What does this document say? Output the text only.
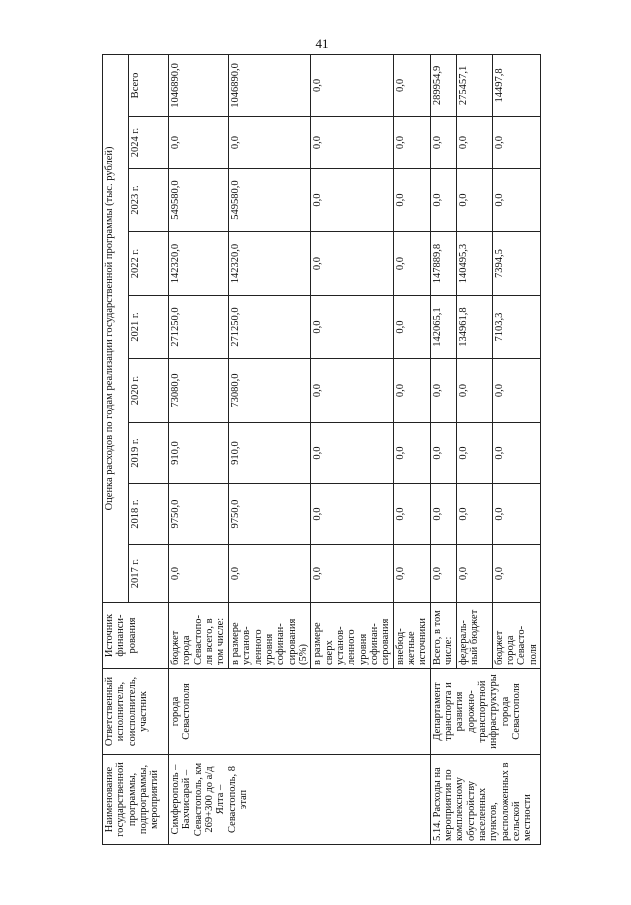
41
Наименование государственной программы, подпрограммы, мероприятий	Ответственный исполнитель, соисполнитель, участник	Источник финанси-рования	Оценка расходов по годам реализации государственной программы (тыс. рублей)								
			2017 г.	2018 г.	2019 г.	2020 г.	2021 г.	2022 г.	2023 г.	2024 г.	Всего
Симферополь – Бахчисарай – Севастополь, км 269+300 до а/д Ялта – Севастополь, 8 этап	города Севастополя	бюджет города Севастопо-ля всего, в том числе:	0,0	9750,0	910,0	73080,0	271250,0	142320,0	549580,0	0,0	1046890,0
		в размере установ-ленного уровня софинан-сирования (5%)	0,0	9750,0	910,0	73080,0	271250,0	142320,0	549580,0	0,0	1046890,0
		в размере сверх установ-ленного уровня софинан-сирования	0,0	0,0	0,0	0,0	0,0	0,0	0,0	0,0	0,0
		внебюд-жетные источники	0,0	0,0	0,0	0,0	0,0	0,0	0,0	0,0	0,0
5.14. Расходы на мероприятия по комплексному обустройству населенных пунктов, расположенных в сельской местности	Департамент транспорта и развития дорожно-транспортной инфраструктуры города Севастополя	Всего, в том числе:	0,0	0,0	0,0	0,0	142065,1	147889,8	0,0	0,0	289954,9
		федераль-ный бюджет	0,0	0,0	0,0	0,0	134961,8	140495,3	0,0	0,0	275457,1
		бюджет города Севасто-поля	0,0	0,0	0,0	0,0	7103,3	7394,5	0,0	0,0	14497,8
